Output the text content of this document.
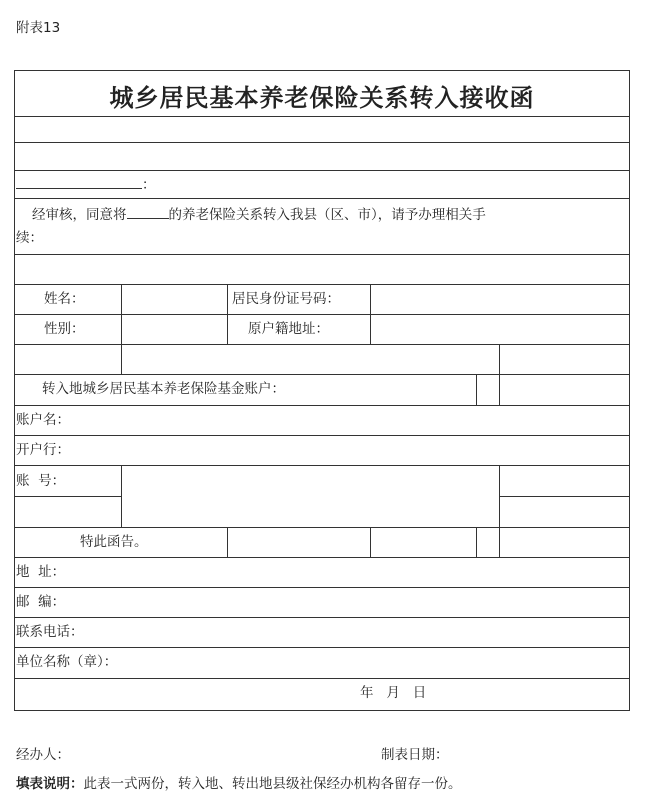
附表13
城乡居民基本养老保险关系转入接收函
：
经审核，同意将	的养老保险关系转入我县（区、市），请予办理相关手
续：
姓名：	居民身份证号码：
性别：	原户籍地址：
转入地城乡居民基本养老保险基金账户：
账户名：
开户行：
账  号：
特此函告。
地  址：
邮  编：
联系电话：
单位名称（章）：
年   月   日
经办人：	制表日期：
填表说明：此表一式两份，转入地、转出地县级社保经办机构各留存一份。
